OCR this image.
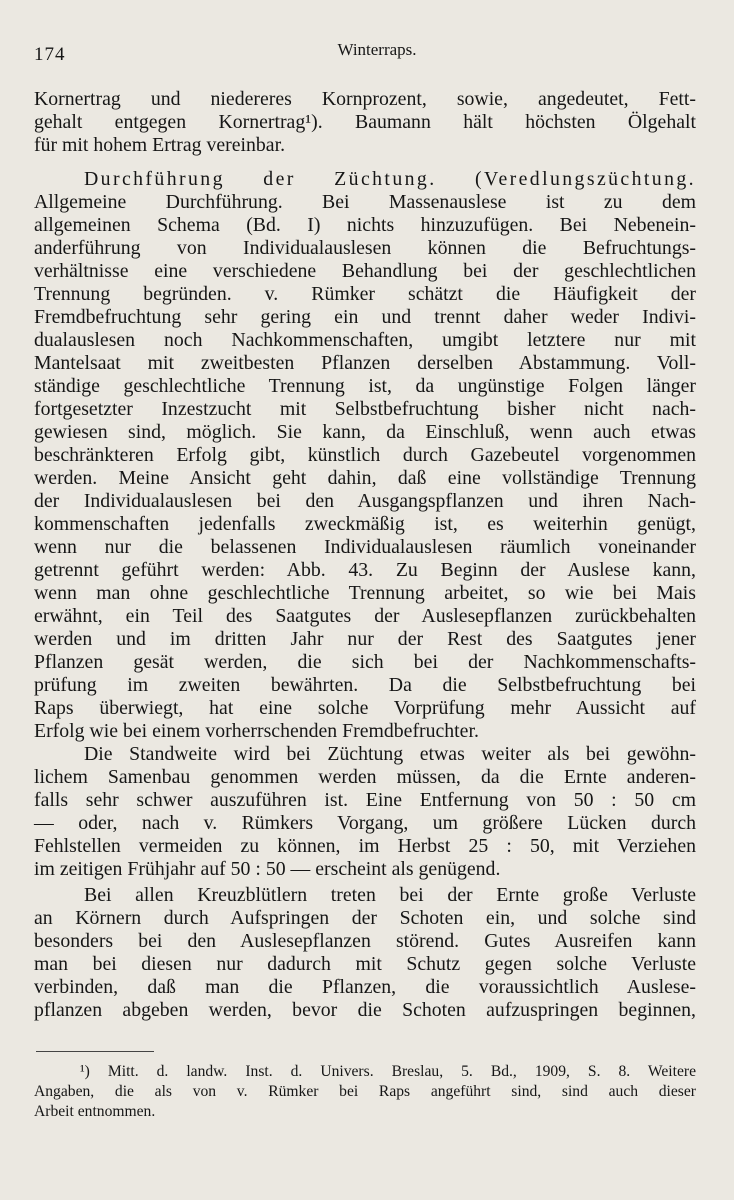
174	Winterraps.
Kornertrag und niedereres Kornprozent, sowie, angedeutet, Fett-
gehalt entgegen Kornertrag¹). Baumann hält höchsten Ölgehalt
für mit hohem Ertrag vereinbar.
Durchführung der Züchtung. (Veredlungszüchtung.
Allgemeine Durchführung. Bei Massenauslese ist zu dem
allgemeinen Schema (Bd. I) nichts hinzuzufügen. Bei Nebenein-
anderführung von Individualauslesen können die Befruchtungs-
verhältnisse eine verschiedene Behandlung bei der geschlechtlichen
Trennung begründen. v. Rümker schätzt die Häufigkeit der
Fremdbefruchtung sehr gering ein und trennt daher weder Indivi-
dualauslesen noch Nachkommenschaften, umgibt letztere nur mit
Mantelsaat mit zweitbesten Pflanzen derselben Abstammung. Voll-
ständige geschlechtliche Trennung ist, da ungünstige Folgen länger
fortgesetzter Inzestzucht mit Selbstbefruchtung bisher nicht nach-
gewiesen sind, möglich. Sie kann, da Einschluß, wenn auch etwas
beschränkteren Erfolg gibt, künstlich durch Gazebeutel vorgenommen
werden. Meine Ansicht geht dahin, daß eine vollständige Trennung
der Individualauslesen bei den Ausgangspflanzen und ihren Nach-
kommenschaften jedenfalls zweckmäßig ist, es weiterhin genügt,
wenn nur die belassenen Individualauslesen räumlich voneinander
getrennt geführt werden: Abb. 43. Zu Beginn der Auslese kann,
wenn man ohne geschlechtliche Trennung arbeitet, so wie bei Mais
erwähnt, ein Teil des Saatgutes der Auslesepflanzen zurückbehalten
werden und im dritten Jahr nur der Rest des Saatgutes jener
Pflanzen gesät werden, die sich bei der Nachkommenschafts-
prüfung im zweiten bewährten. Da die Selbstbefruchtung bei
Raps überwiegt, hat eine solche Vorprüfung mehr Aussicht auf
Erfolg wie bei einem vorherrschenden Fremdbefruchter.
Die Standweite wird bei Züchtung etwas weiter als bei gewöhn-
lichem Samenbau genommen werden müssen, da die Ernte anderen-
falls sehr schwer auszuführen ist. Eine Entfernung von 50 : 50 cm
— oder, nach v. Rümkers Vorgang, um größere Lücken durch
Fehlstellen vermeiden zu können, im Herbst 25 : 50, mit Verziehen
im zeitigen Frühjahr auf 50 : 50 — erscheint als genügend.
Bei allen Kreuzblütlern treten bei der Ernte große Verluste
an Körnern durch Aufspringen der Schoten ein, und solche sind
besonders bei den Auslesepflanzen störend. Gutes Ausreifen kann
man bei diesen nur dadurch mit Schutz gegen solche Verluste
verbinden, daß man die Pflanzen, die voraussichtlich Auslese-
pflanzen abgeben werden, bevor die Schoten aufzuspringen beginnen,
¹) Mitt. d. landw. Inst. d. Univers. Breslau, 5. Bd., 1909, S. 8. Weitere
Angaben, die als von v. Rümker bei Raps angeführt sind, sind auch dieser
Arbeit entnommen.
